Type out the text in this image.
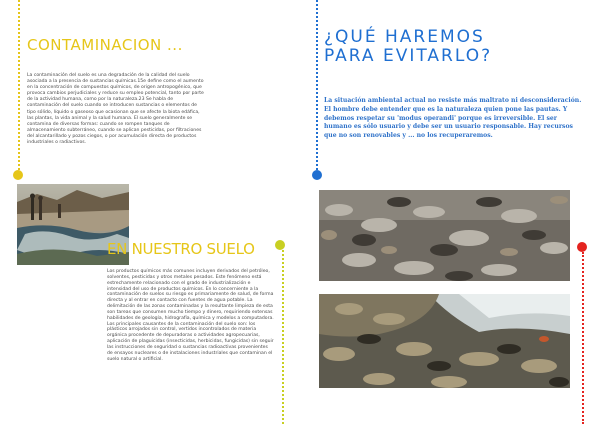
CONTAMINACION ...

La contaminación del suelo es una degradación de la calidad del suelo asociada a la presencia de sustancias químicas.15e define como el aumento en la concentración de compuestos químicos, de origen antropogénico, que provoca cambios perjudiciales y reduce su empleo potencial, tanto por parte de la actividad humana, como por la naturaleza.23 Se habla de contaminación del suelo cuando se introducen sustancias o elementos de tipo sólido, líquido o gaseoso que ocasionan que se afecte la biota edáfica, las plantas, la vida animal y la salud humana. El suelo generalmente se contamina de diversas formas: cuando se rompen tanques de almacenamiento subterráneo, cuando se aplican pesticidas, por filtraciones del alcantarillado y pozos ciegos, o por acumulación directa de productos industriales o radiactivos.

EN NUESTRO SUELO

Los productos químicos más comunes incluyen derivados del petróleo, solventes, pesticidas y otros metales pesados. Este fenómeno está estrechamente relacionado con el grado de industrialización e intensidad del uso de productos químicos. En lo concerniente a la contaminación de suelos su riesgo es primariamente de salud, de forma directa y al entrar en contacto con fuentes de agua potable. La delimitación de las zonas contaminadas y la resultante limpieza de esta son tareas que consumen mucho tiempo y dinero, requiriendo extensas habilidades de geología, hidrografía, química y modelos a computadora. Los principales causantes de la contaminación del suelo son: los plásticos arrojados sin control, vertidos incontrolados de materia orgánica procedente de depuradoras o actividades agropecuarias, aplicación de plaguicidas (insecticidas, herbicidas, fungicidas) sin seguir las instrucciones de seguridad o sustancias radioactivas provenientes de ensayos nucleares o de instalaciones industriales que contaminan el suelo natural o artificial.

¿QUÉ HAREMOS
PARA EVITARLO?
La situación ambiental actual no resiste más maltrato ni desconsideración. El hombre debe entender que es la naturaleza quien pone las pautas. Y debemos respetar su 'modus operandi' porque es irreversible. El ser humano es sólo usuario y debe ser un usuario responsable. Hay recursos que no son renovables y ... no los recuperaremos.
